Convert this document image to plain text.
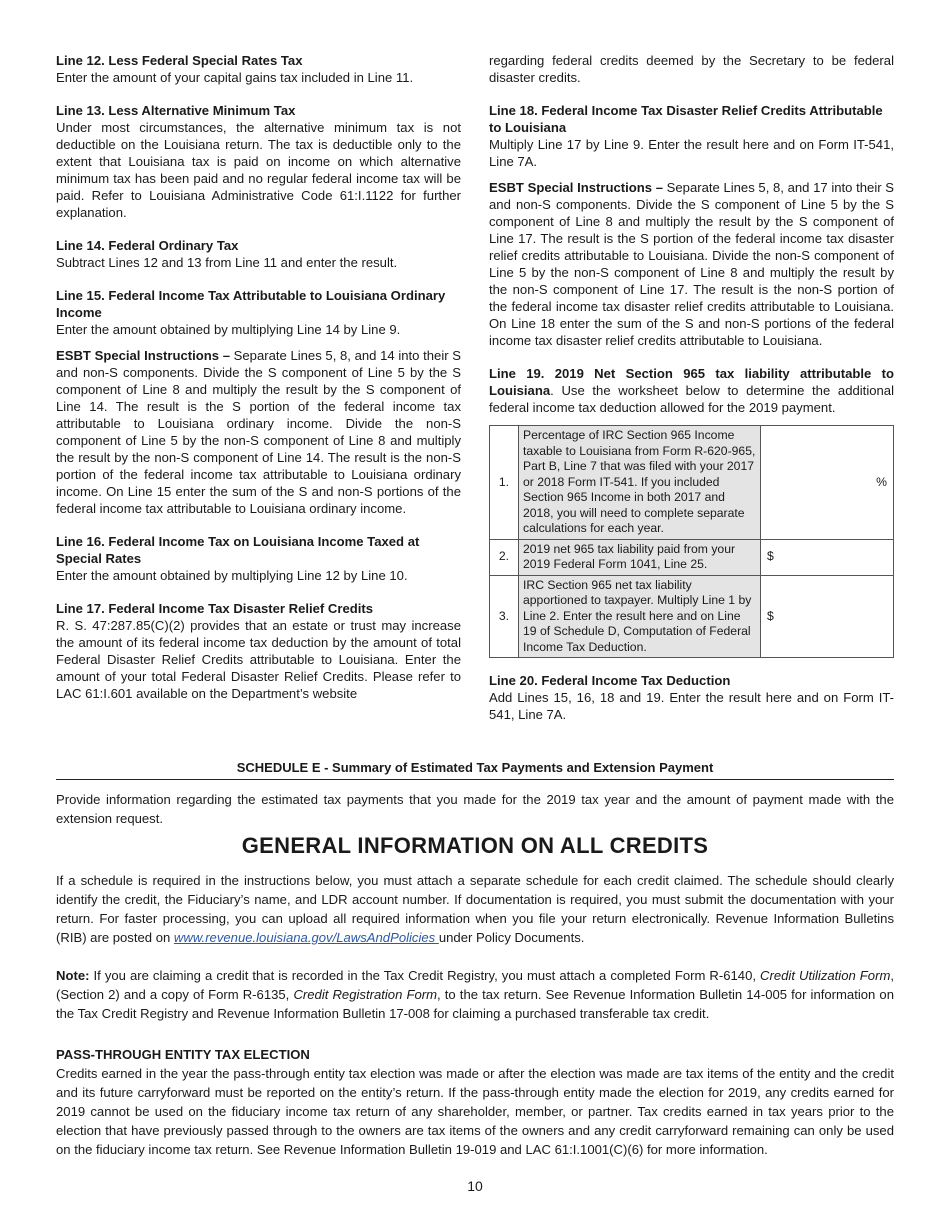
Line 12. Less Federal Special Rates Tax

Enter the amount of your capital gains tax included in Line 11.

Line 13. Less Alternative Minimum Tax

Under most circumstances, the alternative minimum tax is not deductible on the Louisiana return. The tax is deductible only to the extent that Louisiana tax is paid on income on which alternative minimum tax has been paid and no regular federal income tax will be paid. Refer to Louisiana Administrative Code 61:I.1122 for further explanation.

Line 14. Federal Ordinary Tax

Subtract Lines 12 and 13 from Line 11 and enter the result.

Line 15. Federal Income Tax Attributable to Louisiana Ordinary Income

Enter the amount obtained by multiplying Line 14 by Line 9.

ESBT Special Instructions – Separate Lines 5, 8, and 14 into their S and non-S components. Divide the S component of Line 5 by the S component of Line 8 and multiply the result by the S component of Line 14. The result is the S portion of the federal income tax attributable to Louisiana ordinary income. Divide the non-S component of Line 5 by the non-S component of Line 8 and multiply the result by the non-S component of Line 14. The result is the non-S portion of the federal income tax attributable to Louisiana ordinary income. On Line 15 enter the sum of the S and non-S portions of the federal income tax attributable to Louisiana ordinary income.

Line 16. Federal Income Tax on Louisiana Income Taxed at Special Rates

Enter the amount obtained by multiplying Line 12 by Line 10.

Line 17. Federal Income Tax Disaster Relief Credits

R. S. 47:287.85(C)(2) provides that an estate or trust may increase the amount of its federal income tax deduction by the amount of total Federal Disaster Relief Credits attributable to Louisiana. Enter the amount of your total Federal Disaster Relief Credits. Please refer to LAC 61:I.601 available on the Department’s website

regarding federal credits deemed by the Secretary to be federal disaster credits.

Line 18. Federal Income Tax Disaster Relief Credits Attributable to Louisiana

Multiply Line 17 by Line 9. Enter the result here and on Form IT-541, Line 7A.

ESBT Special Instructions – Separate Lines 5, 8, and 17 into their S and non-S components. Divide the S component of Line 5 by the S component of Line 8 and multiply the result by the S component of Line 17. The result is the S portion of the federal income tax disaster relief credits attributable to Louisiana. Divide the non-S component of Line 5 by the non-S component of Line 8 and multiply the result by the non-S component of Line 17. The result is the non-S portion of the federal income tax disaster relief credits attributable to Louisiana. On Line 18 enter the sum of the S and non-S portions of the federal income tax disaster relief credits attributable to Louisiana.

Line 19. 2019 Net Section 965 tax liability attributable to Louisiana. Use the worksheet below to determine the additional federal income tax deduction allowed for the 2019 payment.

1.	Percentage of IRC Section 965 Income taxable to Louisiana from Form R-620-965, Part B, Line 7 that was filed with your 2017 or 2018 Form IT-541. If you included Section 965 Income in both 2017 and 2018, you will need to complete separate calculations for each year.	%
2.	2019 net 965 tax liability paid from your 2019 Federal Form 1041, Line 25.	$
3.	IRC Section 965 net tax liability apportioned to taxpayer. Multiply Line 1 by Line 2. Enter the result here and on Line 19 of Schedule D, Computation of Federal Income Tax Deduction.	$
Line 20. Federal Income Tax Deduction

Add Lines 15, 16, 18 and 19. Enter the result here and on Form IT-541, Line 7A.

SCHEDULE E - Summary of Estimated Tax Payments and Extension Payment

Provide information regarding the estimated tax payments that you made for the 2019 tax year and the amount of payment made with the extension request.

GENERAL INFORMATION ON ALL CREDITS

If a schedule is required in the instructions below, you must attach a separate schedule for each credit claimed. The schedule should clearly identify the credit, the Fiduciary’s name, and LDR account number. If documentation is required, you must submit the documentation with your return. For faster processing, you can upload all required information when you file your return electronically. Revenue Information Bulletins (RIB) are posted on www.revenue.louisiana.gov/LawsAndPolicies under Policy Documents.

Note: If you are claiming a credit that is recorded in the Tax Credit Registry, you must attach a completed Form R-6140, Credit Utilization Form, (Section 2) and a copy of Form R-6135, Credit Registration Form, to the tax return. See Revenue Information Bulletin 14-005 for information on the Tax Credit Registry and Revenue Information Bulletin 17-008 for claiming a purchased transferable tax credit.

PASS-THROUGH ENTITY TAX ELECTION

Credits earned in the year the pass-through entity tax election was made or after the election was made are tax items of the entity and the credit and its future carryforward must be reported on the entity’s return. If the pass-through entity made the election for 2019, any credits earned for 2019 cannot be used on the fiduciary income tax return of any shareholder, member, or partner. Tax credits earned in tax years prior to the election that have previously passed through to the owners are tax items of the owners and any credit carryforward remaining can only be used on the fiduciary income tax return. See Revenue Information Bulletin 19-019 and LAC 61:I.1001(C)(6) for more information.

10
